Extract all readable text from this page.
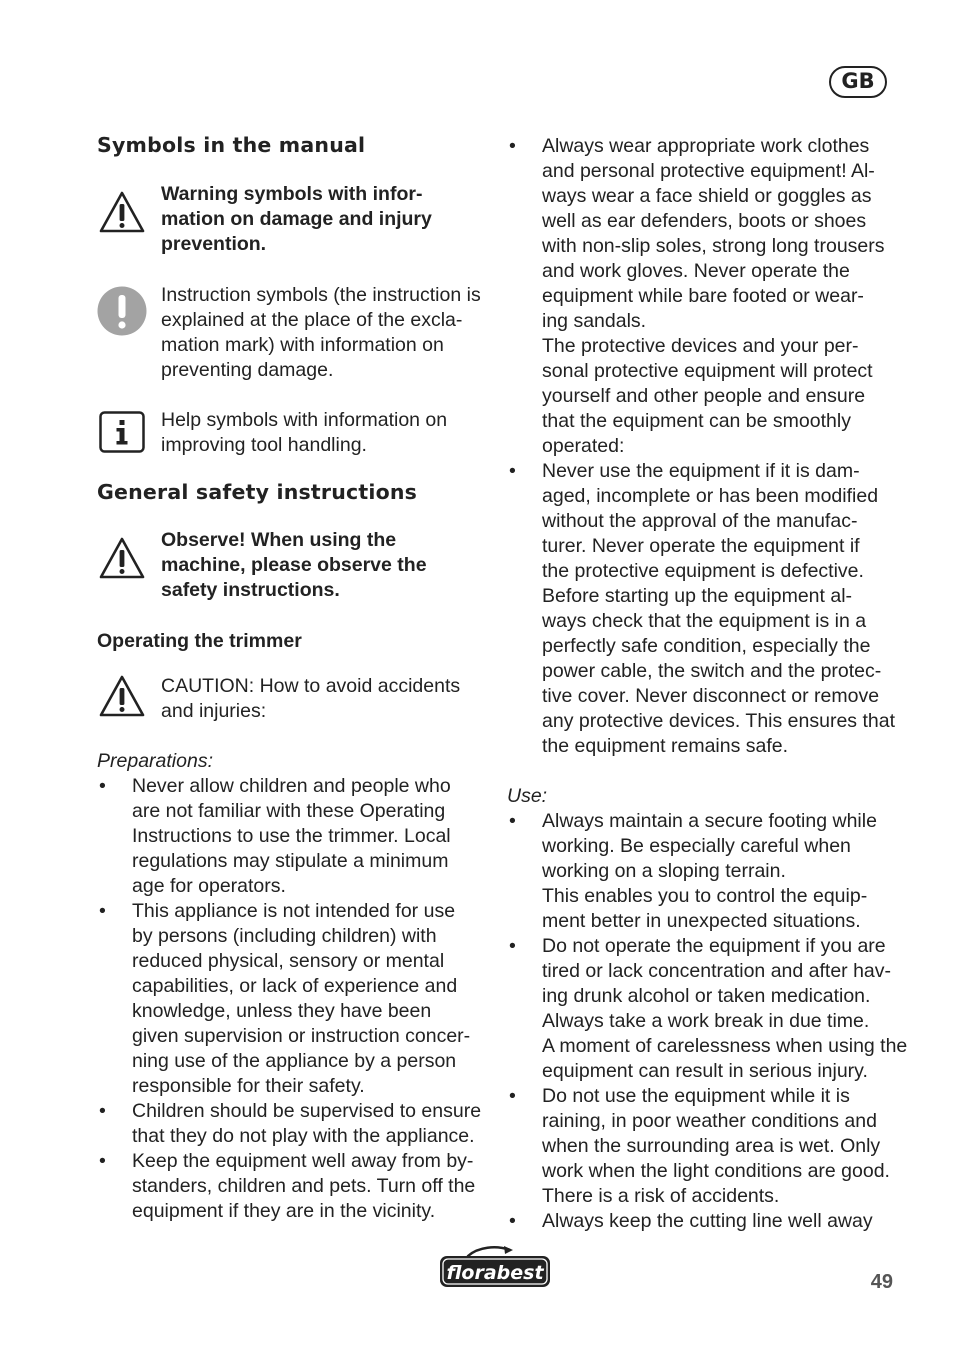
GB
Symbols in the manual
Warning symbols with infor-
mation on damage and injury
prevention.
Instruction symbols (the instruction is
explained at the place of the excla-
mation mark) with information on
preventing damage.
Help symbols with information on
improving tool handling.
General safety instructions
Observe! When using the
machine, please observe the
safety instructions.
Operating the trimmer
CAUTION: How to avoid accidents
and injuries:
Preparations:
• Never allow children and people who
are not familiar with these Operating
Instructions to use the trimmer. Local
regulations may stipulate a minimum
age for operators.
• This appliance is not intended for use
by persons (including children) with
reduced physical, sensory or mental
capabilities, or lack of experience and
knowledge, unless they have been
given supervision or instruction concer-
ning use of the appliance by a person
responsible for their safety.
• Children should be supervised to ensure
that they do not play with the appliance.
• Keep the equipment well away from by-
standers, children and pets. Turn off the
equipment if they are in the vicinity.
• Always wear appropriate work clothes
and personal protective equipment! Al-
ways wear a face shield or goggles as
well as ear defenders, boots or shoes
with non-slip soles, strong long trousers
and work gloves. Never operate the
equipment while bare footed or wear-
ing sandals.
The protective devices and your per-
sonal protective equipment will protect
yourself and other people and ensure
that the equipment can be smoothly
operated:
• Never use the equipment if it is dam-
aged, incomplete or has been modified
without the approval of the manufac-
turer. Never operate the equipment if
the protective equipment is defective.
Before starting up the equipment al-
ways check that the equipment is in a
perfectly safe condition, especially the
power cable, the switch and the protec-
tive cover. Never disconnect or remove
any protective devices. This ensures that
the equipment remains safe.
Use:
• Always maintain a secure footing while
working. Be especially careful when
working on a sloping terrain.
This enables you to control the equip-
ment better in unexpected situations.
• Do not operate the equipment if you are
tired or lack concentration and after hav-
ing drunk alcohol or taken medication.
Always take a work break in due time.
A moment of carelessness when using the
equipment can result in serious injury.
• Do not use the equipment while it is
raining, in poor weather conditions and
when the surrounding area is wet. Only
work when the light conditions are good.
There is a risk of accidents.
• Always keep the cutting line well away
florabest	49
